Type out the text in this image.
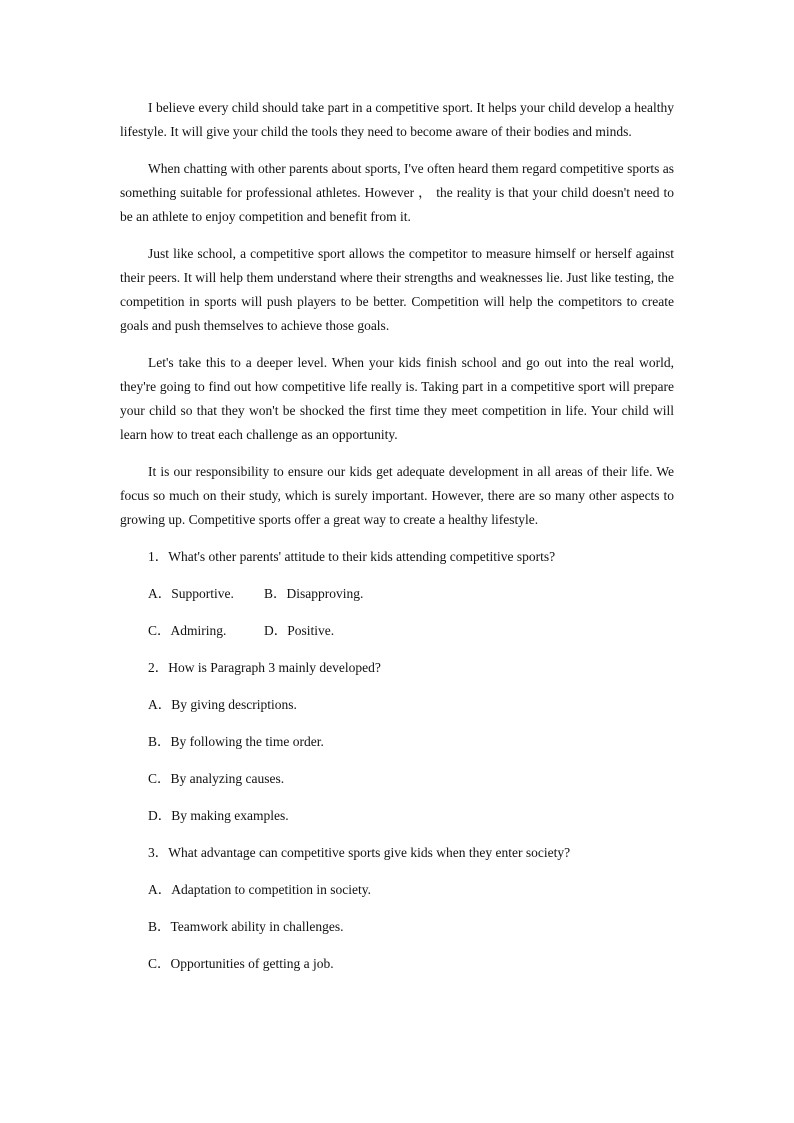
I believe every child should take part in a competitive sport. It helps your child develop a healthy lifestyle. It will give your child the tools they need to become aware of their bodies and minds.

When chatting with other parents about sports, I've often heard them regard competitive sports as something suitable for professional athletes. However ， the reality is that your child doesn't need to be an athlete to enjoy competition and benefit from it.

Just like school, a competitive sport allows the competitor to measure himself or herself against their peers. It will help them understand where their strengths and weaknesses lie. Just like testing, the competition in sports will push players to be better. Competition will help the competitors to create goals and push themselves to achieve those goals.

Let's take this to a deeper level. When your kids finish school and go out into the real world, they're going to find out how competitive life really is. Taking part in a competitive sport will prepare your child so that they won't be shocked the first time they meet competition in life. Your child will learn how to treat each challenge as an opportunity.

It is our responsibility to ensure our kids get adequate development in all areas of their life. We focus so much on their study, which is surely important. However, there are so many other aspects to growing up. Competitive sports offer a great way to create a healthy lifestyle.

1．What's other parents' attitude to their kids attending competitive sports?

A．Supportive. B．Disapproving.

C．Admiring.	D．Positive.

2．How is Paragraph 3 mainly developed?

A．By giving descriptions.

B．By following the time order.

C．By analyzing causes.

D．By making examples.

3．What advantage can competitive sports give kids when they enter society?

A．Adaptation to competition in society.

B．Teamwork ability in challenges.

C．Opportunities of getting a job.
